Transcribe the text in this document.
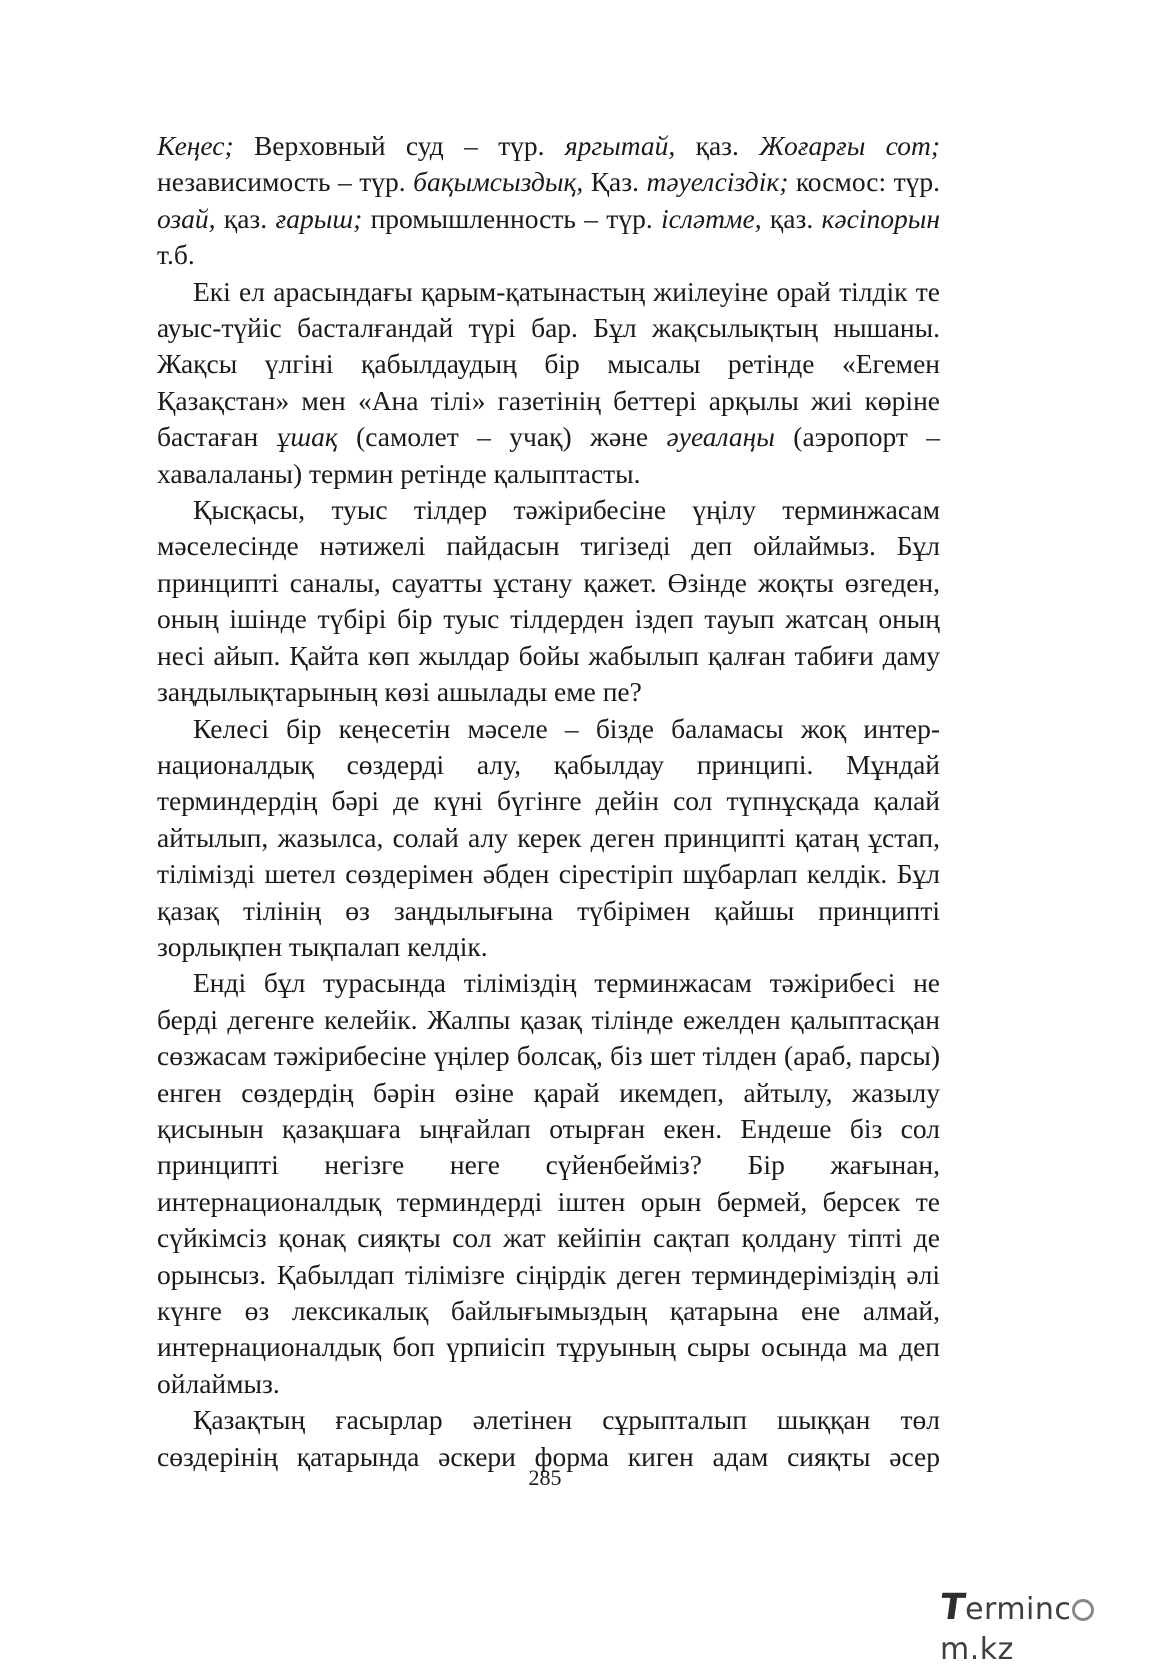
Кеңес; Верховный суд – түр. яргытай, қаз. Жоғарғы сот; независимость – түр. бақымсыздық, Қаз. тәуелсіздік; космос: түр. озай, қаз. ғарыш; промышленность – түр. ісләтме, қаз. кәсіпорын т.б.

Екі ел арасындағы қарым-қатынастың жиілеуіне орай тілдік те ауыс-түйіс басталғандай түрі бар. Бұл жақсылықтың нышаны. Жақсы үлгіні қабылдаудың бір мысалы ретінде «Егемен Қазақстан» мен «Ана тілі» газетінің беттері арқылы жиі көріне бастаған ұшақ (самолет – учақ) және әуеалаңы (аэропорт – хавалаланы) термин ретінде қалыптасты.

Қысқасы, туыс тілдер тәжірибесіне үңілу терминжасам мәселесінде нәтижелі пайдасын тигізеді деп ойлаймыз. Бұл принципті саналы, сауатты ұстану қажет. Өзінде жоқты өзгеден, оның ішінде түбірі бір туыс тілдерден іздеп тауып жатсаң оның несі айып. Қайта көп жылдар бойы жабылып қалған табиғи даму заңдылықтарының көзі ашылады еме пе?

Келесі бір кеңесетін мәселе – бізде баламасы жоқ интернационалдық сөздерді алу, қабылдау принципі. Мұндай терминдердің бәрі де күні бүгінге дейін сол түпнұсқада қалай айтылып, жазылса, солай алу керек деген принципті қатаң ұстап, тілімізді шетел сөздерімен әбден сірестіріп шұбарлап келдік. Бұл қазақ тілінің өз заңдылығына түбірімен қайшы принципті зорлықпен тықпалап келдік.

Енді бұл турасында тіліміздің терминжасам тәжірибесі не берді дегенге келейік. Жалпы қазақ тілінде ежелден қалыптасқан сөзжасам тәжірибесіне үңілер болсақ, біз шет тілден (араб, парсы) енген сөздердің бәрін өзіне қарай икемдеп, айтылу, жазылу қисынын қазақшаға ыңғайлап отырған екен. Ендеше біз сол принципті негізге неге сүйенбейміз? Бір жағынан, интернационалдық терминдерді іштен орын бермей, берсек те сүйкімсіз қонақ сияқты сол жат кейіпін сақтап қолдану тіпті де орынсыз. Қабылдап тілімізге сіңірдік деген терминдеріміздің әлі күнге өз лексикалық байлығымыздың қатарына ене алмай, интернационалдық боп үрпиісіп тұруының сыры осында ма деп ойлаймыз.

Қазақтың ғасырлар әлетінен сұрыпталып шыққан төл сөздерінің қатарында әскери форма киген адам сияқты әсер

285
Termincm.kz
